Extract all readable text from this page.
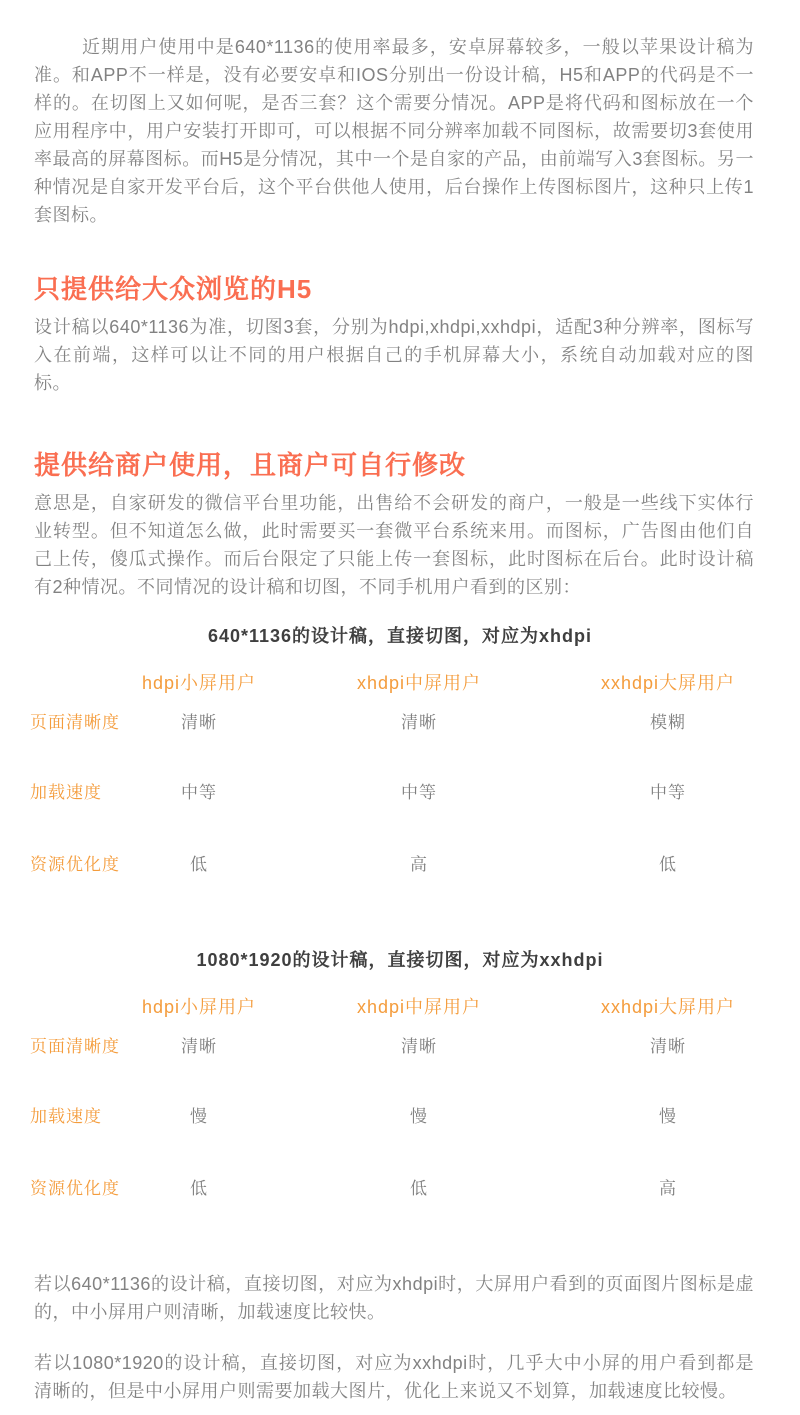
近期用户使用中是640*1136的使用率最多，安卓屏幕较多，一般以苹果设计稿为准。和APP不一样是，没有必要安卓和IOS分别出一份设计稿，H5和APP的代码是不一样的。在切图上又如何呢，是否三套？这个需要分情况。APP是将代码和图标放在一个应用程序中，用户安装打开即可，可以根据不同分辨率加载不同图标，故需要切3套使用率最高的屏幕图标。而H5是分情况，其中一个是自家的产品，由前端写入3套图标。另一种情况是自家开发平台后，这个平台供他人使用，后台操作上传图标图片，这种只上传1套图标。

只提供给大众浏览的H5

设计稿以640*1136为准，切图3套，分别为hdpi,xhdpi,xxhdpi，适配3种分辨率，图标写入在前端，这样可以让不同的用户根据自己的手机屏幕大小，系统自动加载对应的图标。

提供给商户使用，且商户可自行修改

意思是，自家研发的微信平台里功能，出售给不会研发的商户，一般是一些线下实体行业转型。但不知道怎么做，此时需要买一套微平台系统来用。而图标，广告图由他们自己上传，傻瓜式操作。而后台限定了只能上传一套图标，此时图标在后台。此时设计稿有2种情况。不同情况的设计稿和切图，不同手机用户看到的区别：

640*1136的设计稿，直接切图，对应为xhdpi
hdpi小屏用户	xhdpi中屏用户	xxhdpi大屏用户
页面清晰度	清晰	清晰	模糊
加载速度	中等	中等	中等
资源优化度	低	高	低
1080*1920的设计稿，直接切图，对应为xxhdpi
hdpi小屏用户	xhdpi中屏用户	xxhdpi大屏用户
页面清晰度	清晰	清晰	清晰
加载速度	慢	慢	慢
资源优化度	低	低	高

若以640*1136的设计稿，直接切图，对应为xhdpi时，大屏用户看到的页面图片图标是虚的，中小屏用户则清晰，加载速度比较快。

若以1080*1920的设计稿，直接切图，对应为xxhdpi时，几乎大中小屏的用户看到都是清晰的，但是中小屏用户则需要加载大图片，优化上来说又不划算，加载速度比较慢。
